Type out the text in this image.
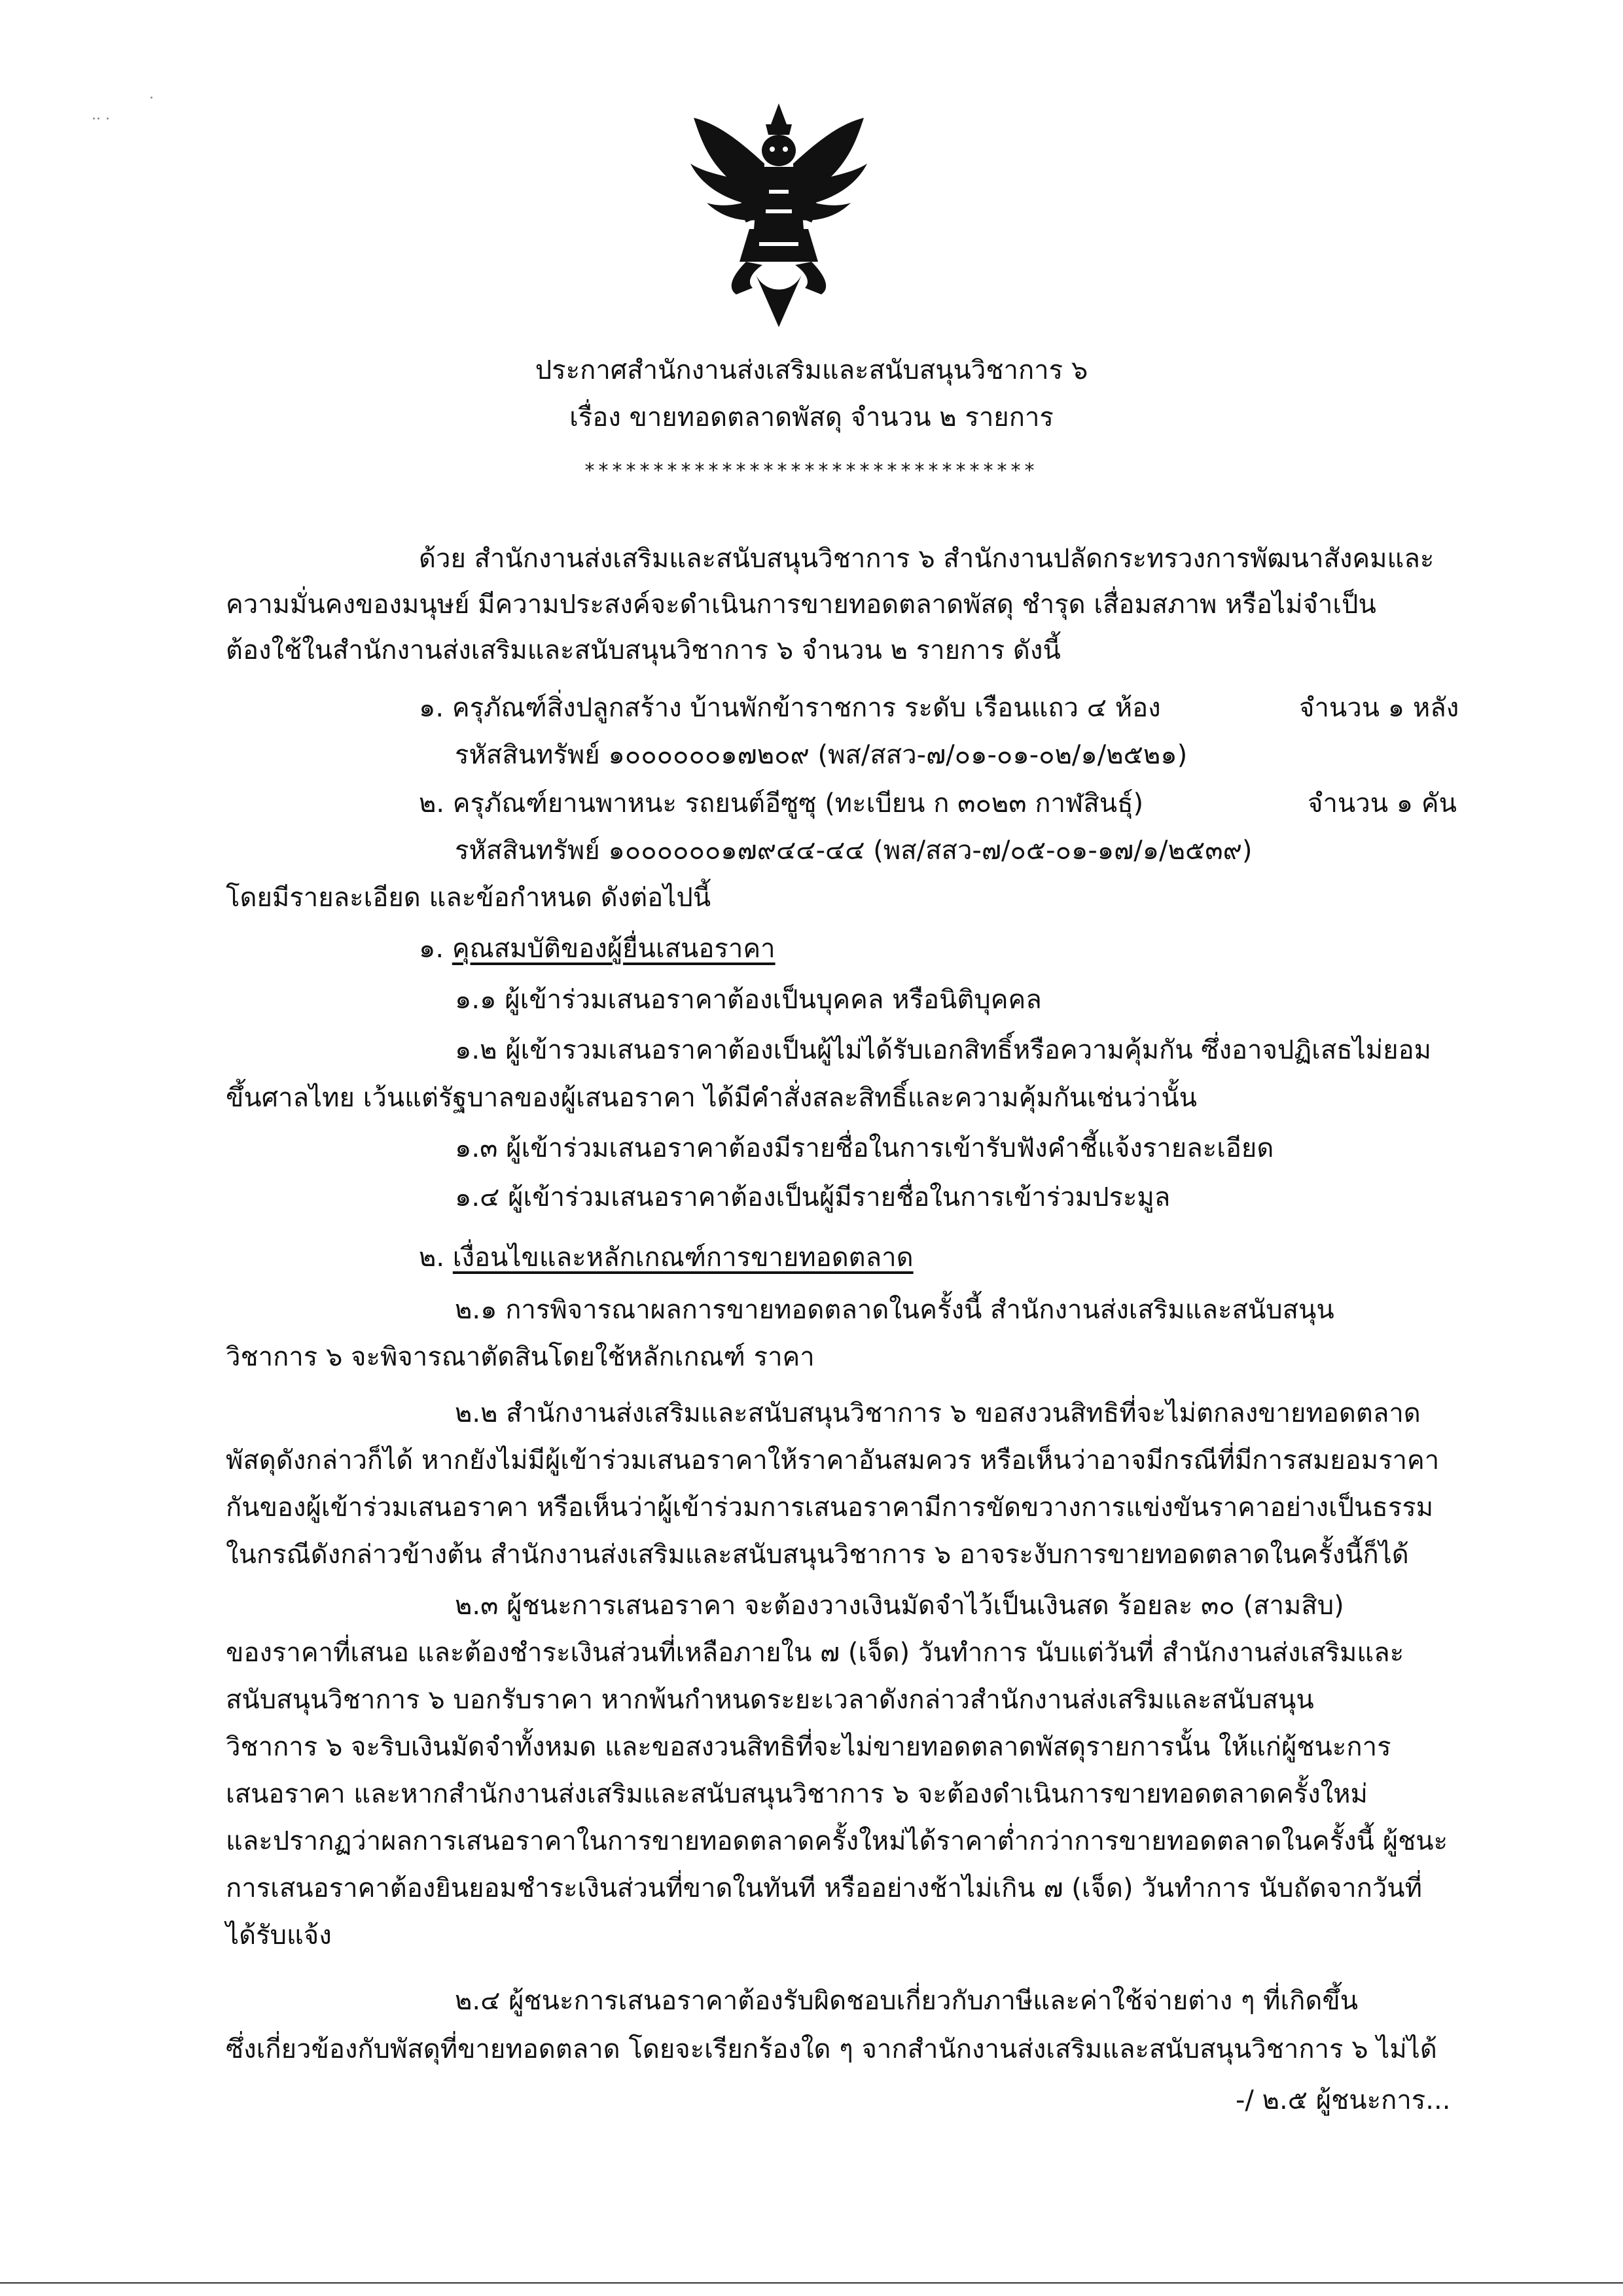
·· ·
·
ประกาศสำนักงานส่งเสริมและสนับสนุนวิชาการ ๖
เรื่อง ขายทอดตลาดพัสดุ จำนวน ๒ รายการ
*********************************
ด้วย สำนักงานส่งเสริมและสนับสนุนวิชาการ ๖ สำนักงานปลัดกระทรวงการพัฒนาสังคมและ
ความมั่นคงของมนุษย์ มีความประสงค์จะดำเนินการขายทอดตลาดพัสดุ ชำรุด เสื่อมสภาพ หรือไม่จำเป็น
ต้องใช้ในสำนักงานส่งเสริมและสนับสนุนวิชาการ ๖ จำนวน ๒ รายการ ดังนี้
๑. ครุภัณฑ์สิ่งปลูกสร้าง บ้านพักข้าราชการ ระดับ เรือนแถว ๔ ห้อง	จำนวน ๑ หลัง
รหัสสินทรัพย์ ๑๐๐๐๐๐๐๑๗๒๐๙ (พส/สสว-๗/๐๑-๐๑-๐๒/๑/๒๕๒๑)
๒. ครุภัณฑ์ยานพาหนะ รถยนต์อีซูซุ (ทะเบียน ก ๓๐๒๓ กาฬสินธุ์)	จำนวน ๑ คัน
รหัสสินทรัพย์ ๑๐๐๐๐๐๐๑๗๙๔๔-๔๔ (พส/สสว-๗/๐๕-๐๑-๑๗/๑/๒๕๓๙)
โดยมีรายละเอียด และข้อกำหนด ดังต่อไปนี้
๑. คุณสมบัติของผู้ยื่นเสนอราคา
๑.๑ ผู้เข้าร่วมเสนอราคาต้องเป็นบุคคล หรือนิติบุคคล
๑.๒ ผู้เข้ารวมเสนอราคาต้องเป็นผู้ไม่ได้รับเอกสิทธิ์หรือความคุ้มกัน ซึ่งอาจปฏิเสธไม่ยอม
ขึ้นศาลไทย เว้นแต่รัฐบาลของผู้เสนอราคา ได้มีคำสั่งสละสิทธิ์และความคุ้มกันเช่นว่านั้น
๑.๓ ผู้เข้าร่วมเสนอราคาต้องมีรายชื่อในการเข้ารับฟังคำชี้แจ้งรายละเอียด
๑.๔ ผู้เข้าร่วมเสนอราคาต้องเป็นผู้มีรายชื่อในการเข้าร่วมประมูล
๒. เงื่อนไขและหลักเกณฑ์การขายทอดตลาด
๒.๑ การพิจารณาผลการขายทอดตลาดในครั้งนี้ สำนักงานส่งเสริมและสนับสนุน
วิชาการ ๖ จะพิจารณาตัดสินโดยใช้หลักเกณฑ์ ราคา
๒.๒ สำนักงานส่งเสริมและสนับสนุนวิชาการ ๖ ขอสงวนสิทธิที่จะไม่ตกลงขายทอดตลาด
พัสดุดังกล่าวก็ได้ หากยังไม่มีผู้เข้าร่วมเสนอราคาให้ราคาอันสมควร หรือเห็นว่าอาจมีกรณีที่มีการสมยอมราคา
กันของผู้เข้าร่วมเสนอราคา หรือเห็นว่าผู้เข้าร่วมการเสนอราคามีการขัดขวางการแข่งขันราคาอย่างเป็นธรรม
ในกรณีดังกล่าวข้างต้น สำนักงานส่งเสริมและสนับสนุนวิชาการ ๖ อาจระงับการขายทอดตลาดในครั้งนี้ก็ได้
๒.๓ ผู้ชนะการเสนอราคา จะต้องวางเงินมัดจำไว้เป็นเงินสด ร้อยละ ๓๐ (สามสิบ)
ของราคาที่เสนอ และต้องชำระเงินส่วนที่เหลือภายใน ๗ (เจ็ด) วันทำการ นับแต่วันที่ สำนักงานส่งเสริมและ
สนับสนุนวิชาการ ๖ บอกรับราคา หากพ้นกำหนดระยะเวลาดังกล่าวสำนักงานส่งเสริมและสนับสนุน
วิชาการ ๖ จะริบเงินมัดจำทั้งหมด และขอสงวนสิทธิที่จะไม่ขายทอดตลาดพัสดุรายการนั้น ให้แก่ผู้ชนะการ
เสนอราคา และหากสำนักงานส่งเสริมและสนับสนุนวิชาการ ๖ จะต้องดำเนินการขายทอดตลาดครั้งใหม่
และปรากฏว่าผลการเสนอราคาในการขายทอดตลาดครั้งใหม่ได้ราคาต่ำกว่าการขายทอดตลาดในครั้งนี้ ผู้ชนะ
การเสนอราคาต้องยินยอมชำระเงินส่วนที่ขาดในทันที หรืออย่างช้าไม่เกิน ๗ (เจ็ด) วันทำการ นับถัดจากวันที่
ได้รับแจ้ง
๒.๔ ผู้ชนะการเสนอราคาต้องรับผิดชอบเกี่ยวกับภาษีและค่าใช้จ่ายต่าง ๆ ที่เกิดขึ้น
ซึ่งเกี่ยวข้องกับพัสดุที่ขายทอดตลาด โดยจะเรียกร้องใด ๆ จากสำนักงานส่งเสริมและสนับสนุนวิชาการ ๖ ไม่ได้
-/ ๒.๕ ผู้ชนะการ...
